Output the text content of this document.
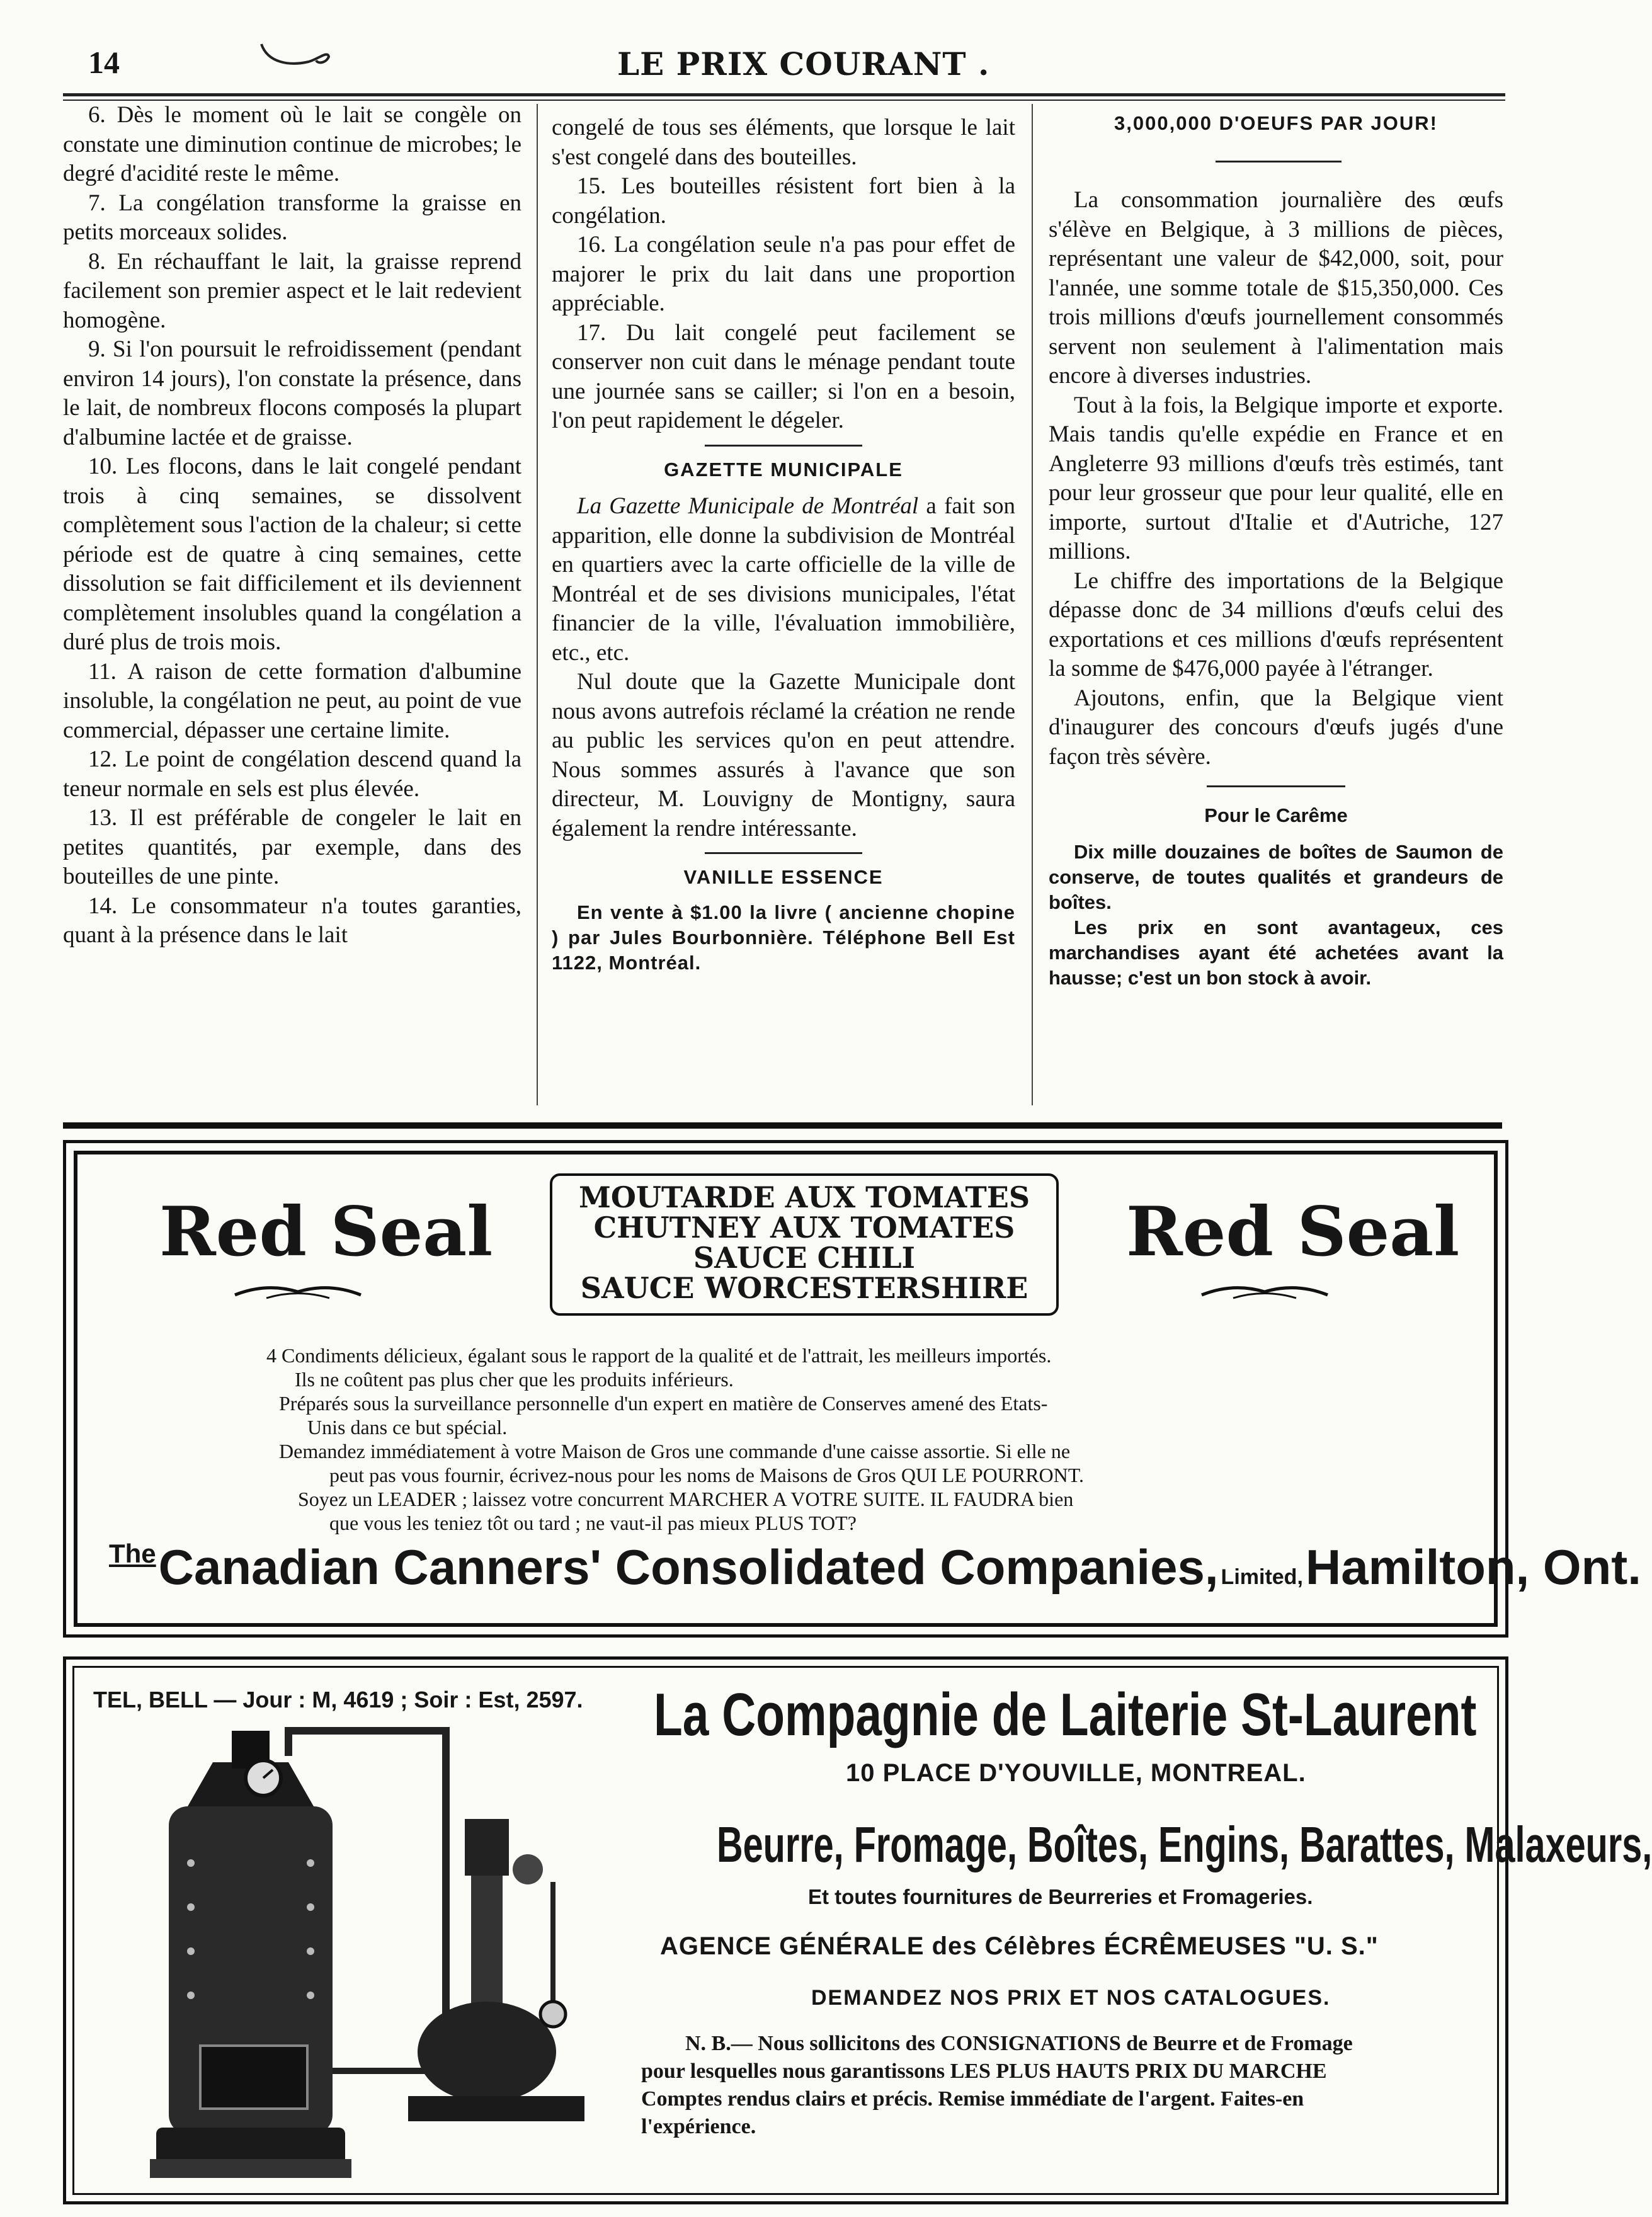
14	LE PRIX COURANT .

6. Dès le moment où le lait se congèle on constate une diminution continue de microbes; le degré d'acidité reste le même.

7. La congélation transforme la graisse en petits morceaux solides.

8. En réchauffant le lait, la graisse reprend facilement son premier aspect et le lait redevient homogène.

9. Si l'on poursuit le refroidissement (pendant environ 14 jours), l'on constate la présence, dans le lait, de nombreux flocons composés la plupart d'albumine lactée et de graisse.

10. Les flocons, dans le lait congelé pendant trois à cinq semaines, se dissolvent complètement sous l'action de la chaleur; si cette période est de quatre à cinq semaines, cette dissolution se fait difficilement et ils deviennent complètement insolubles quand la congélation a duré plus de trois mois.

11. A raison de cette formation d'albumine insoluble, la congélation ne peut, au point de vue commercial, dépasser une certaine limite.

12. Le point de congélation descend quand la teneur normale en sels est plus élevée.

13. Il est préférable de congeler le lait en petites quantités, par exemple, dans des bouteilles de une pinte.

14. Le consommateur n'a toutes garanties, quant à la présence dans le lait

congelé de tous ses éléments, que lorsque le lait s'est congelé dans des bouteilles.

15. Les bouteilles résistent fort bien à la congélation.

16. La congélation seule n'a pas pour effet de majorer le prix du lait dans une proportion appréciable.

17. Du lait congelé peut facilement se conserver non cuit dans le ménage pendant toute une journée sans se cailler; si l'on en a besoin, l'on peut rapidement le dégeler.

GAZETTE MUNICIPALE

La Gazette Municipale de Montréal a fait son apparition, elle donne la subdivision de Montréal en quartiers avec la carte officielle de la ville de Montréal et de ses divisions municipales, l'état financier de la ville, l'évaluation immobilière, etc., etc.

Nul doute que la Gazette Municipale dont nous avons autrefois réclamé la création ne rende au public les services qu'on en peut attendre. Nous sommes assurés à l'avance que son directeur, M. Louvigny de Montigny, saura également la rendre intéressante.

VANILLE ESSENCE

En vente à $1.00 la livre ( ancienne chopine ) par Jules Bourbonnière. Téléphone Bell Est 1122, Montréal.

3,000,000 D'OEUFS PAR JOUR!

La consommation journalière des œufs s'élève en Belgique, à 3 millions de pièces, représentant une valeur de $42,000, soit, pour l'année, une somme totale de $15,350,000. Ces trois millions d'œufs journellement consommés servent non seulement à l'alimentation mais encore à diverses industries.

Tout à la fois, la Belgique importe et exporte. Mais tandis qu'elle expédie en France et en Angleterre 93 millions d'œufs très estimés, tant pour leur grosseur que pour leur qualité, elle en importe, surtout d'Italie et d'Autriche, 127 millions.

Le chiffre des importations de la Belgique dépasse donc de 34 millions d'œufs celui des exportations et ces millions d'œufs représentent la somme de $476,000 payée à l'étranger.

Ajoutons, enfin, que la Belgique vient d'inaugurer des concours d'œufs jugés d'une façon très sévère.

Pour le Carême

Dix mille douzaines de boîtes de Saumon de conserve, de toutes qualités et grandeurs de boîtes.

Les prix en sont avantageux, ces marchandises ayant été achetées avant la hausse; c'est un bon stock à avoir.

Red Seal	Red Seal
MOUTARDE AUX TOMATES
CHUTNEY AUX TOMATES
SAUCE CHILI
SAUCE WORCESTERSHIRE
4 Condiments délicieux, égalant sous le rapport de la qualité et de l'attrait, les meilleurs importés.
Ils ne coûtent pas plus cher que les produits inférieurs.
Préparés sous la surveillance personnelle d'un expert en matière de Conserves amené des Etats-
Unis dans ce but spécial.
Demandez immédiatement à votre Maison de Gros une commande d'une caisse assortie. Si elle ne
peut pas vous fournir, écrivez-nous pour les noms de Maisons de Gros QUI LE POURRONT.
Soyez un LEADER ; laissez votre concurrent MARCHER A VOTRE SUITE. IL FAUDRA bien
que vous les teniez tôt ou tard ; ne vaut-il pas mieux PLUS TOT?
The Canadian Canners' Consolidated Companies, Limited, Hamilton, Ont.
TEL, BELL — Jour : M, 4619 ; Soir : Est, 2597. La Compagnie de Laiterie St-Laurent
10 PLACE D'YOUVILLE, MONTREAL.
Beurre, Fromage, Boîtes, Engins, Barattes, Malaxeurs,
Et toutes fournitures de Beurreries et Fromageries.
AGENCE GÉNÉRALE des Célèbres ÉCRÊMEUSES "U. S."
DEMANDEZ NOS PRIX ET NOS CATALOGUES.
N. B.— Nous sollicitons des CONSIGNATIONS de Beurre et de Fromage
pour lesquelles nous garantissons LES PLUS HAUTS PRIX DU MARCHE
Comptes rendus clairs et précis. Remise immédiate de l'argent. Faites-en
l'expérience.
